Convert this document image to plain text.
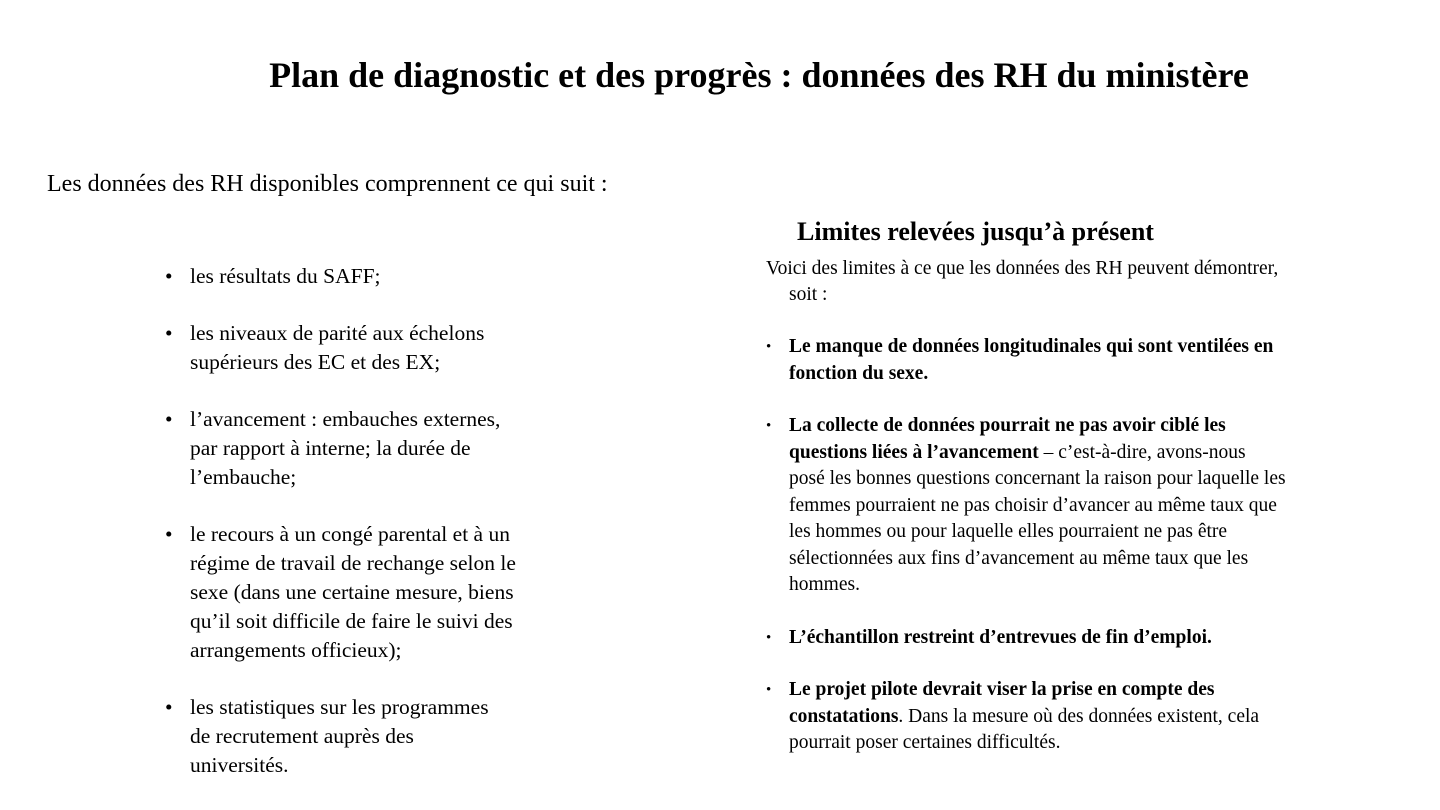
Plan de diagnostic et des progrès : données des RH du ministère
Les données des RH disponibles comprennent ce qui suit :
• les résultats du SAFF;
• les niveaux de parité aux échelons supérieurs des EC et des EX;
• l’avancement : embauches externes, par rapport à interne; la durée de l’embauche;
• le recours à un congé parental et à un régime de travail de rechange selon le sexe (dans une certaine mesure, biens qu’il soit difficile de faire le suivi des arrangements officieux);
• les statistiques sur les programmes de recrutement auprès des universités.
Limites relevées jusqu’à présent
Voici des limites à ce que les données des RH peuvent démontrer, soit :
• Le manque de données longitudinales qui sont ventilées en fonction du sexe.
• La collecte de données pourrait ne pas avoir ciblé les questions liées à l’avancement – c’est-à-dire, avons-nous posé les bonnes questions concernant la raison pour laquelle les femmes pourraient ne pas choisir d’avancer au même taux que les hommes ou pour laquelle elles pourraient ne pas être sélectionnées aux fins d’avancement au même taux que les hommes.
• L’échantillon restreint d’entrevues de fin d’emploi.
• Le projet pilote devrait viser la prise en compte des constatations. Dans la mesure où des données existent, cela pourrait poser certaines difficultés.
